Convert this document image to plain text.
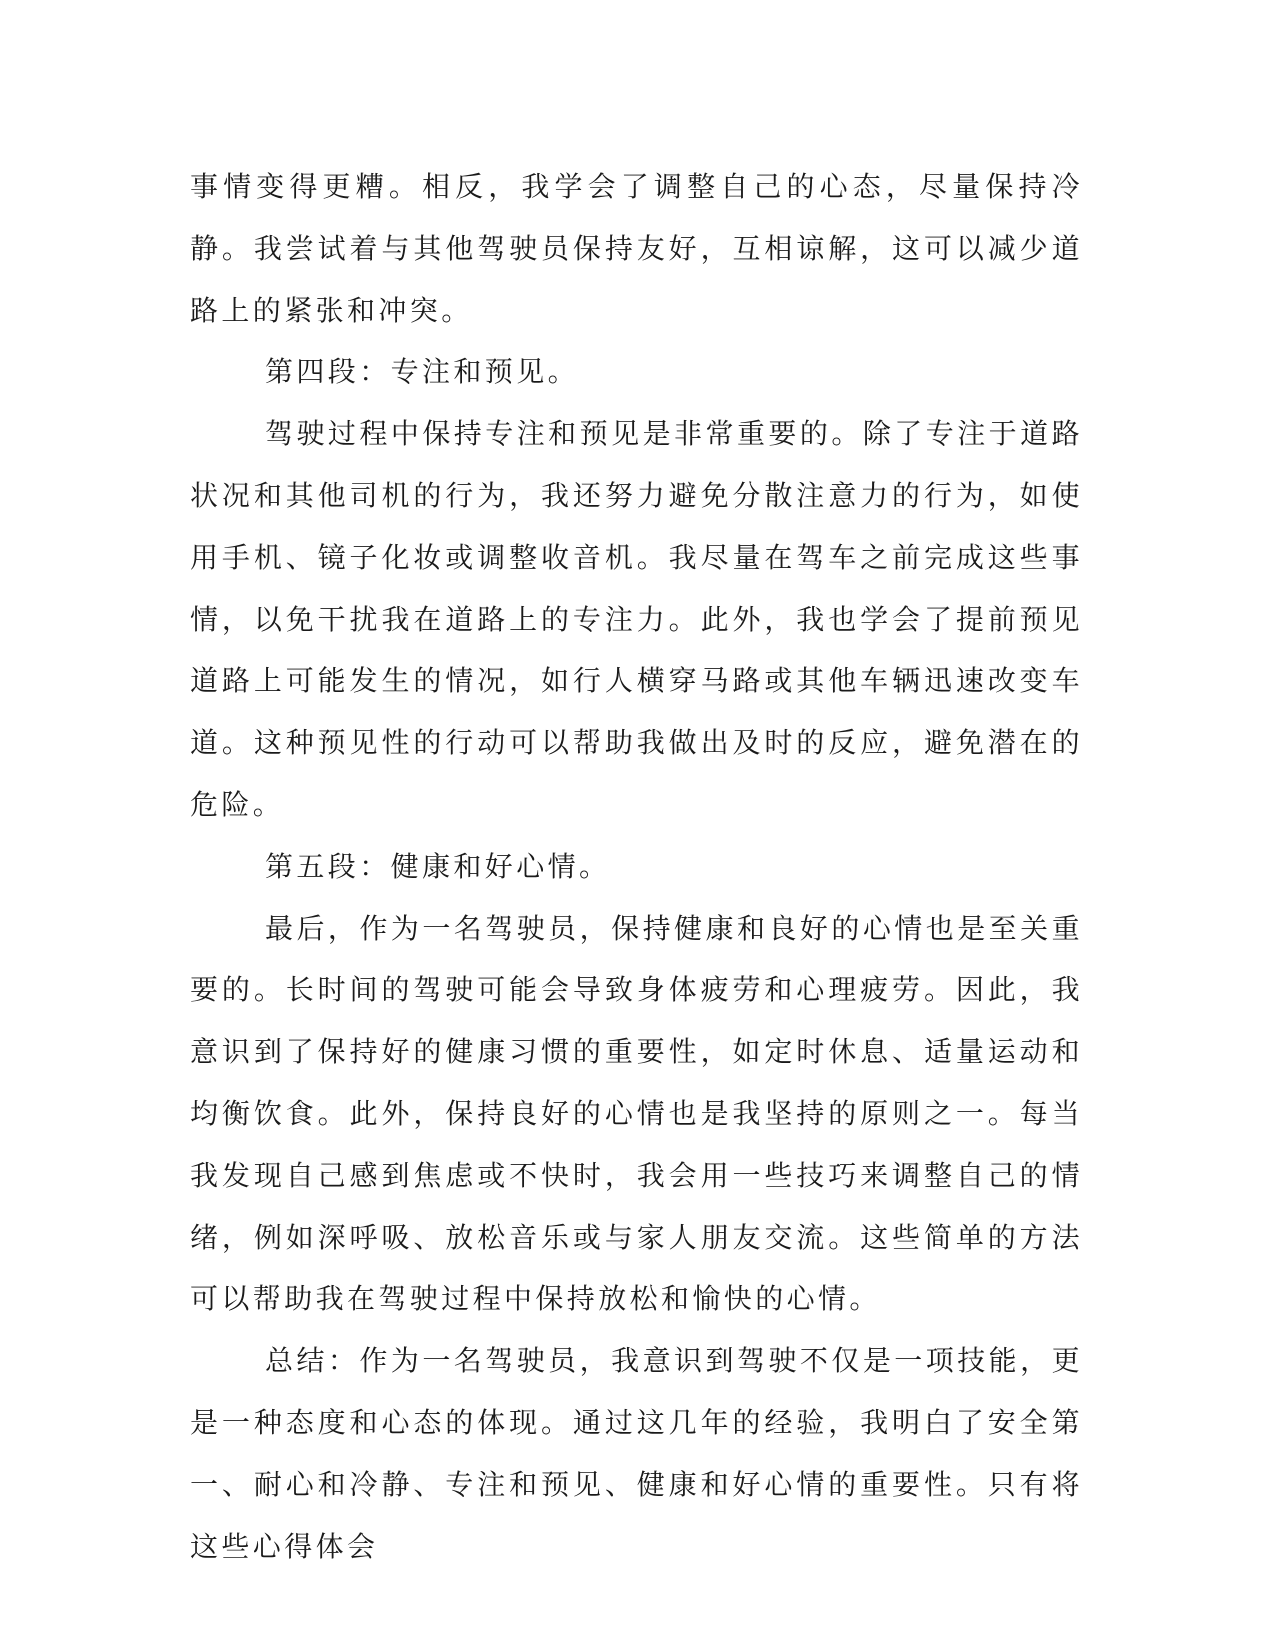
事情变得更糟。相反，我学会了调整自己的心态，尽量保持冷静。我尝试着与其他驾驶员保持友好，互相谅解，这可以减少道路上的紧张和冲突。

第四段：专注和预见。

驾驶过程中保持专注和预见是非常重要的。除了专注于道路状况和其他司机的行为，我还努力避免分散注意力的行为，如使用手机、镜子化妆或调整收音机。我尽量在驾车之前完成这些事情，以免干扰我在道路上的专注力。此外，我也学会了提前预见道路上可能发生的情况，如行人横穿马路或其他车辆迅速改变车道。这种预见性的行动可以帮助我做出及时的反应，避免潜在的危险。

第五段：健康和好心情。

最后，作为一名驾驶员，保持健康和良好的心情也是至关重要的。长时间的驾驶可能会导致身体疲劳和心理疲劳。因此，我意识到了保持好的健康习惯的重要性，如定时休息、适量运动和均衡饮食。此外，保持良好的心情也是我坚持的原则之一。每当我发现自己感到焦虑或不快时，我会用一些技巧来调整自己的情绪，例如深呼吸、放松音乐或与家人朋友交流。这些简单的方法可以帮助我在驾驶过程中保持放松和愉快的心情。

总结：作为一名驾驶员，我意识到驾驶不仅是一项技能，更是一种态度和心态的体现。通过这几年的经验，我明白了安全第一、耐心和冷静、专注和预见、健康和好心情的重要性。只有将这些心得体会
